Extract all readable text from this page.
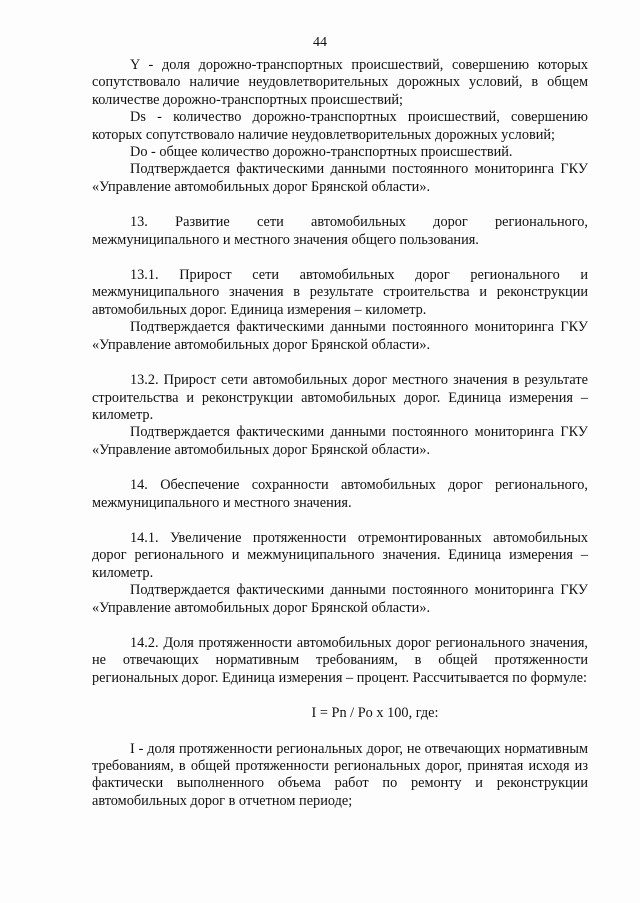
44

Y - доля дорожно-транспортных происшествий, совершению которых сопутствовало наличие неудовлетворительных дорожных условий, в общем количестве дорожно-транспортных происшествий;

Ds - количество дорожно-транспортных происшествий, совершению которых сопутствовало наличие неудовлетворительных дорожных условий;

Do - общее количество дорожно-транспортных происшествий.

Подтверждается фактическими данными постоянного мониторинга ГКУ «Управление автомобильных дорог Брянской области».

13. Развитие сети автомобильных дорог регионального, межмуниципального и местного значения общего пользования.

13.1. Прирост сети автомобильных дорог регионального и межмуниципального значения в результате строительства и реконструкции автомобильных дорог. Единица измерения – километр.

Подтверждается фактическими данными постоянного мониторинга ГКУ «Управление автомобильных дорог Брянской области».

13.2. Прирост сети автомобильных дорог местного значения в результате строительства и реконструкции автомобильных дорог. Единица измерения – километр.

Подтверждается фактическими данными постоянного мониторинга ГКУ «Управление автомобильных дорог Брянской области».

14. Обеспечение сохранности автомобильных дорог регионального, межмуниципального и местного значения.

14.1. Увеличение протяженности отремонтированных автомобильных дорог регионального и межмуниципального значения. Единица измерения – километр.

Подтверждается фактическими данными постоянного мониторинга ГКУ «Управление автомобильных дорог Брянской области».

14.2. Доля протяженности автомобильных дорог регионального значения, не отвечающих нормативным требованиям, в общей протяженности региональных дорог. Единица измерения – процент. Рассчитывается по формуле:

I = Pn / Po x 100, где:

I - доля протяженности региональных дорог, не отвечающих нормативным требованиям, в общей протяженности региональных дорог, принятая исходя из фактически выполненного объема работ по ремонту и реконструкции автомобильных дорог в отчетном периоде;
